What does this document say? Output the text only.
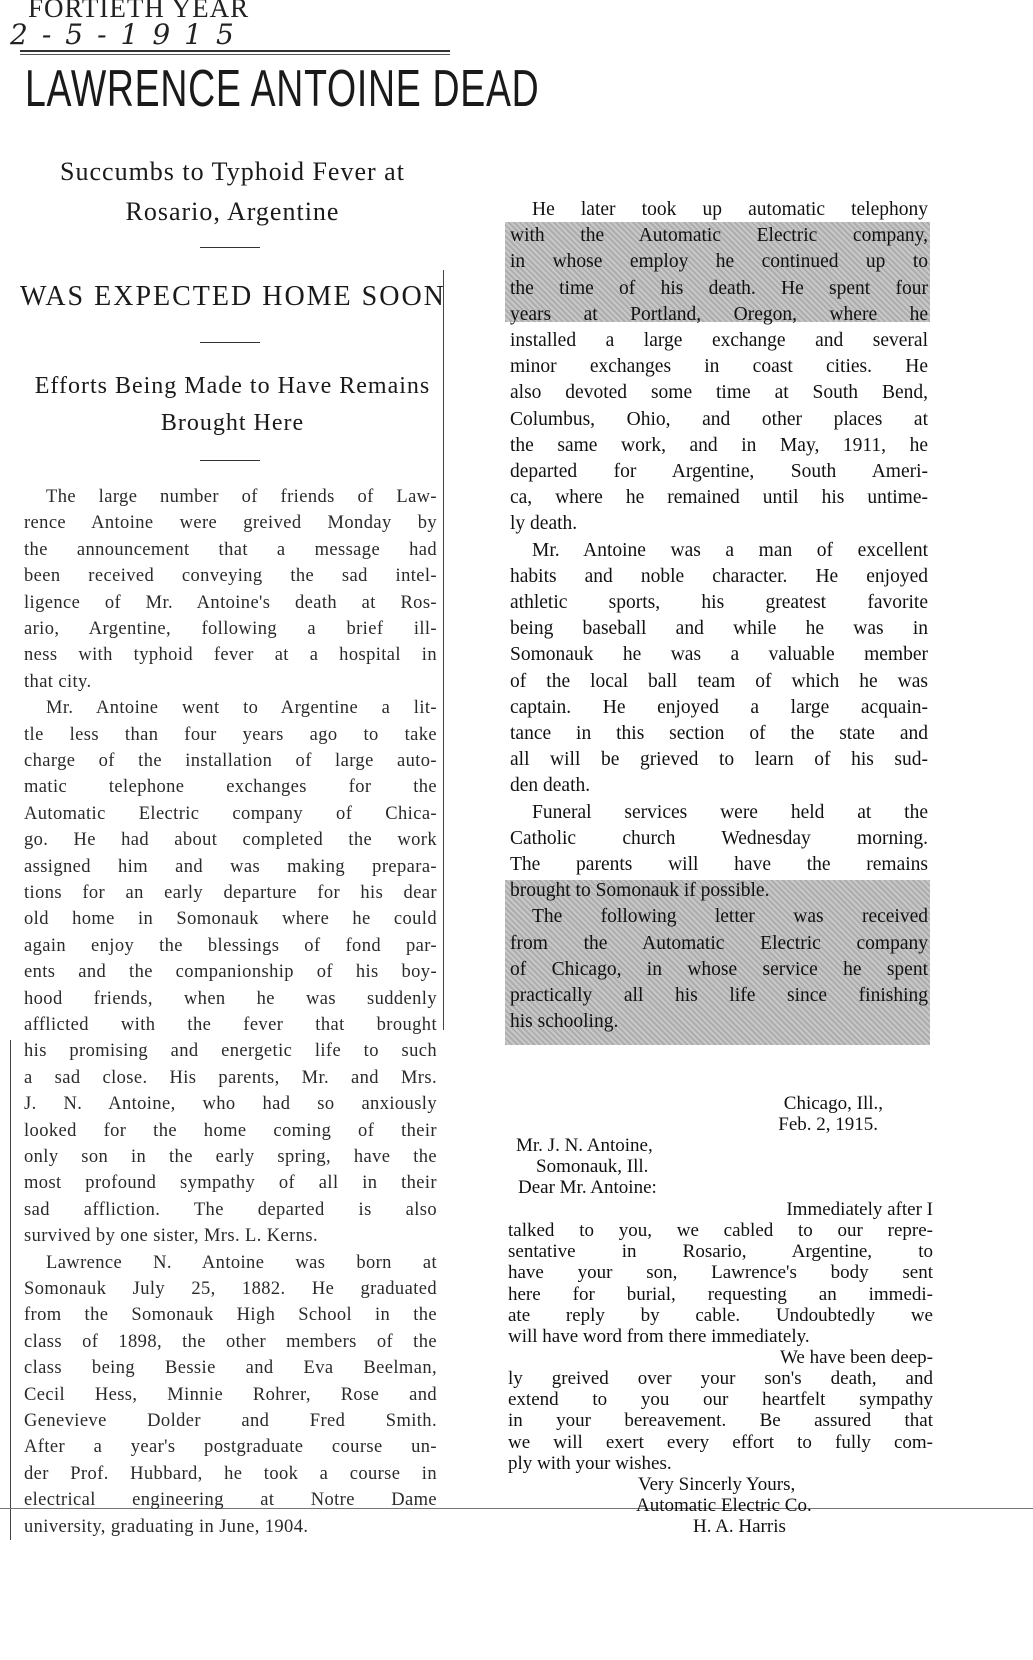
FORTIETH YEAR
2-5-1915
LAWRENCE ANTOINE DEAD
Succumbs to Typhoid Fever at
Rosario, Argentine
WAS EXPECTED HOME SOON
Efforts Being Made to Have Remains
Brought Here
The large number of friends of Law-
rence Antoine were greived Monday by
the announcement that a message had
been received conveying the sad intel-
ligence of Mr. Antoine's death at Ros-
ario, Argentine, following a brief ill-
ness with typhoid fever at a hospital in
that city.
Mr. Antoine went to Argentine a lit-
tle less than four years ago to take
charge of the installation of large auto-
matic telephone exchanges for the
Automatic Electric company of Chica-
go. He had about completed the work
assigned him and was making prepara-
tions for an early departure for his dear
old home in Somonauk where he could
again enjoy the blessings of fond par-
ents and the companionship of his boy-
hood friends, when he was suddenly
afflicted with the fever that brought
his promising and energetic life to such
a sad close. His parents, Mr. and Mrs.
J. N. Antoine, who had so anxiously
looked for the home coming of their
only son in the early spring, have the
most profound sympathy of all in their
sad affliction. The departed is also
survived by one sister, Mrs. L. Kerns.
Lawrence N. Antoine was born at
Somonauk July 25, 1882. He graduated
from the Somonauk High School in the
class of 1898, the other members of the
class being Bessie and Eva Beelman,
Cecil Hess, Minnie Rohrer, Rose and
Genevieve Dolder and Fred Smith.
After a year's postgraduate course un-
der Prof. Hubbard, he took a course in
electrical engineering at Notre Dame
university, graduating in June, 1904.
He later took up automatic telephony
with the Automatic Electric company,
in whose employ he continued up to
the time of his death. He spent four
years at Portland, Oregon, where he
installed a large exchange and several
minor exchanges in coast cities. He
also devoted some time at South Bend,
Columbus, Ohio, and other places at
the same work, and in May, 1911, he
departed for Argentine, South Ameri-
ca, where he remained until his untime-
ly death.
Mr. Antoine was a man of excellent
habits and noble character. He enjoyed
athletic sports, his greatest favorite
being baseball and while he was in
Somonauk he was a valuable member
of the local ball team of which he was
captain. He enjoyed a large acquain-
tance in this section of the state and
all will be grieved to learn of his sud-
den death.
Funeral services were held at the
Catholic church Wednesday morning.
The parents will have the remains
brought to Somonauk if possible.
The following letter was received
from the Automatic Electric company
of Chicago, in whose service he spent
practically all his life since finishing
his schooling.
Chicago, Ill.,
Feb. 2, 1915.
Mr. J. N. Antoine,
Somonauk, Ill.
Dear Mr. Antoine:
Immediately after I
talked to you, we cabled to our repre-
sentative in Rosario, Argentine, to
have your son, Lawrence's body sent
here for burial, requesting an immedi-
ate reply by cable. Undoubtedly we
will have word from there immediately.
We have been deep-
ly greived over your son's death, and
extend to you our heartfelt sympathy
in your bereavement. Be assured that
we will exert every effort to fully com-
ply with your wishes.
Very Sincerly Yours,
Automatic Electric Co.
H. A. Harris
